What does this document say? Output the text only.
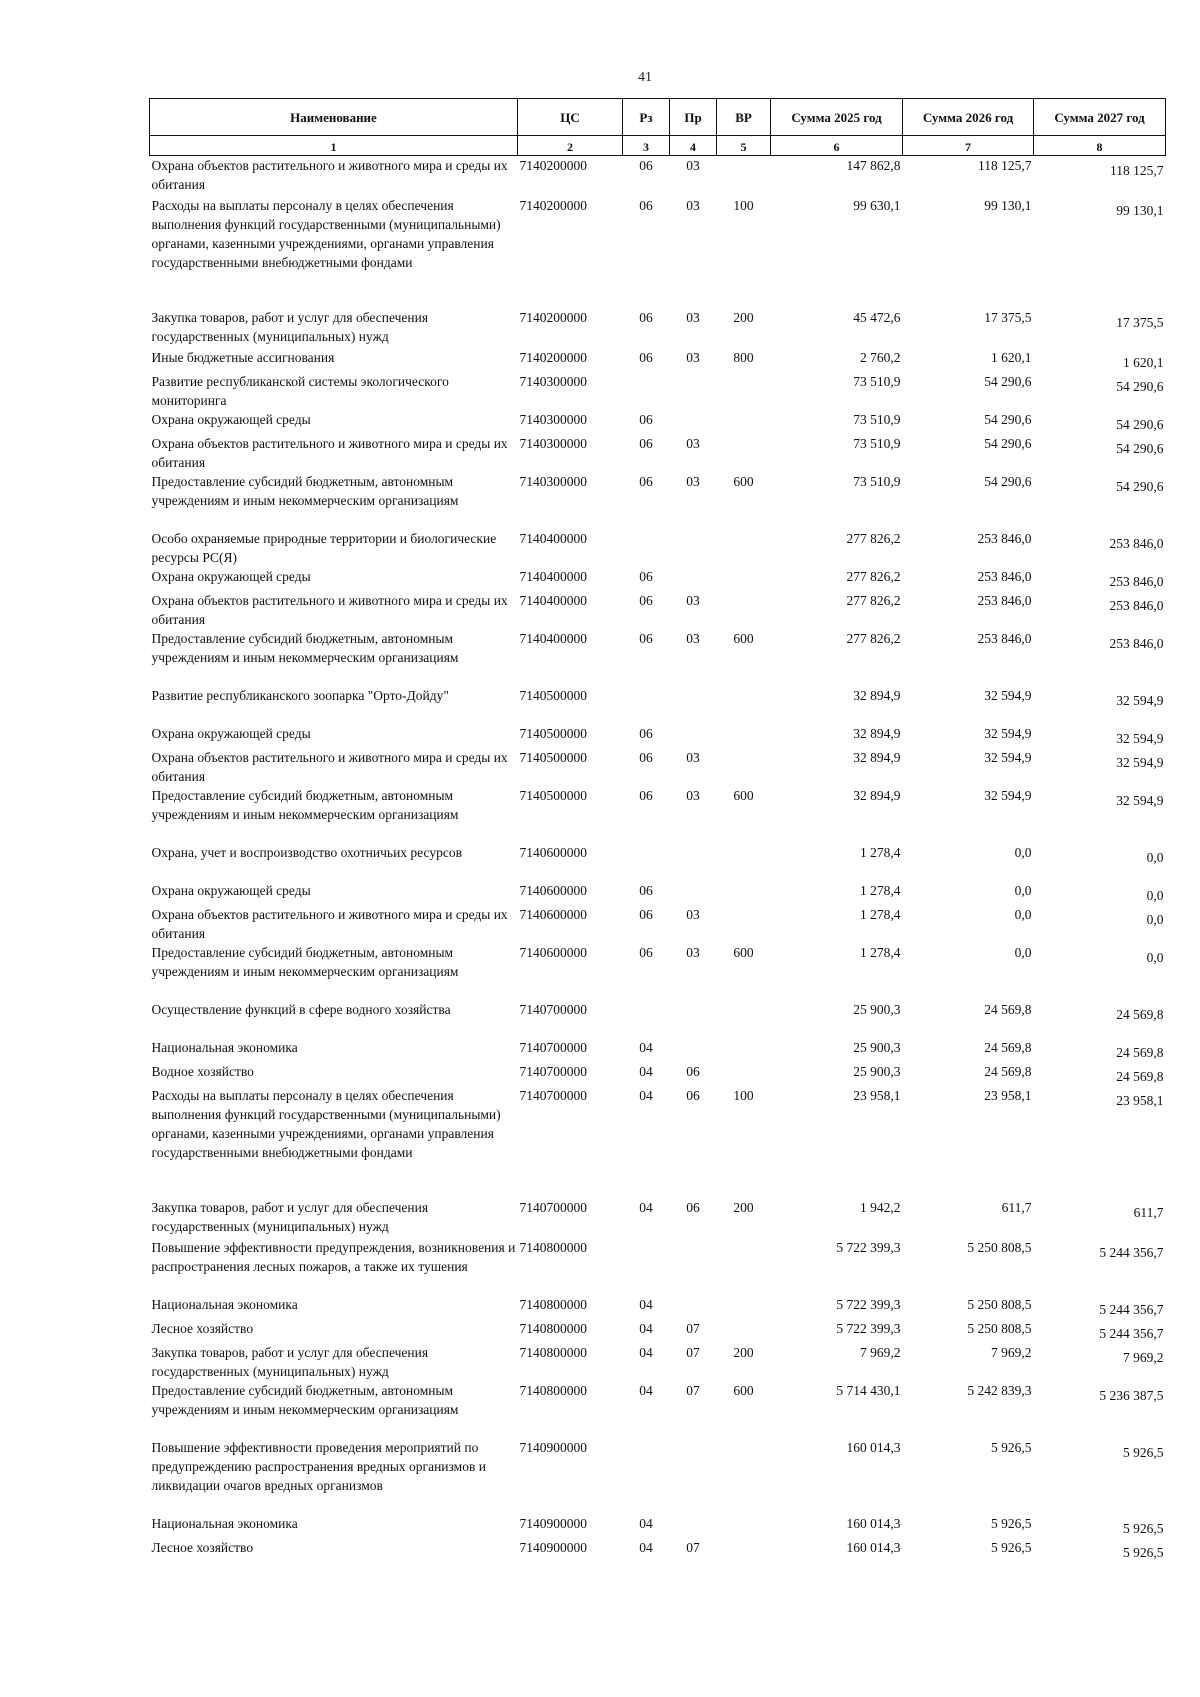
41
Наименование	ЦС	Рз	Пр	ВР	Сумма 2025 год	Сумма 2026 год	Сумма 2027 год
1	2	3	4	5	6	7	8
Охрана объектов растительного и животного мира и среды их обитания	7140200000	06	03		147 862,8	118 125,7	118 125,7
Расходы на выплаты персоналу в целях обеспечения выполнения функций государственными (муниципальными) органами, казенными учреждениями, органами управления государственными внебюджетными фондами	7140200000	06	03	100	99 630,1	99 130,1	99 130,1
Закупка товаров, работ и услуг для обеспечения государственных (муниципальных) нужд	7140200000	06	03	200	45 472,6	17 375,5	17 375,5
Иные бюджетные ассигнования	7140200000	06	03	800	2 760,2	1 620,1	1 620,1
Развитие республиканской системы экологического мониторинга	7140300000				73 510,9	54 290,6	54 290,6
Охрана окружающей среды	7140300000	06			73 510,9	54 290,6	54 290,6
Охрана объектов растительного и животного мира и среды их обитания	7140300000	06	03		73 510,9	54 290,6	54 290,6
Предоставление субсидий бюджетным, автономным учреждениям и иным некоммерческим организациям	7140300000	06	03	600	73 510,9	54 290,6	54 290,6
Особо охраняемые природные территории и биологические ресурсы РС(Я)	7140400000				277 826,2	253 846,0	253 846,0
Охрана окружающей среды	7140400000	06			277 826,2	253 846,0	253 846,0
Охрана объектов растительного и животного мира и среды их обитания	7140400000	06	03		277 826,2	253 846,0	253 846,0
Предоставление субсидий бюджетным, автономным учреждениям и иным некоммерческим организациям	7140400000	06	03	600	277 826,2	253 846,0	253 846,0
Развитие республиканского зоопарка "Орто-Дойду"	7140500000				32 894,9	32 594,9	32 594,9
Охрана окружающей среды	7140500000	06			32 894,9	32 594,9	32 594,9
Охрана объектов растительного и животного мира и среды их обитания	7140500000	06	03		32 894,9	32 594,9	32 594,9
Предоставление субсидий бюджетным, автономным учреждениям и иным некоммерческим организациям	7140500000	06	03	600	32 894,9	32 594,9	32 594,9
Охрана, учет и воспроизводство охотничьих ресурсов	7140600000				1 278,4	0,0	0,0
Охрана окружающей среды	7140600000	06			1 278,4	0,0	0,0
Охрана объектов растительного и животного мира и среды их обитания	7140600000	06	03		1 278,4	0,0	0,0
Предоставление субсидий бюджетным, автономным учреждениям и иным некоммерческим организациям	7140600000	06	03	600	1 278,4	0,0	0,0
Осуществление функций в сфере водного хозяйства	7140700000				25 900,3	24 569,8	24 569,8
Национальная экономика	7140700000	04			25 900,3	24 569,8	24 569,8
Водное хозяйство	7140700000	04	06		25 900,3	24 569,8	24 569,8
Расходы на выплаты персоналу в целях обеспечения выполнения функций государственными (муниципальными) органами, казенными учреждениями, органами управления государственными внебюджетными фондами	7140700000	04	06	100	23 958,1	23 958,1	23 958,1
Закупка товаров, работ и услуг для обеспечения государственных (муниципальных) нужд	7140700000	04	06	200	1 942,2	611,7	611,7
Повышение эффективности предупреждения, возникновения и распространения лесных пожаров, а также их тушения	7140800000				5 722 399,3	5 250 808,5	5 244 356,7
Национальная экономика	7140800000	04			5 722 399,3	5 250 808,5	5 244 356,7
Лесное хозяйство	7140800000	04	07		5 722 399,3	5 250 808,5	5 244 356,7
Закупка товаров, работ и услуг для обеспечения государственных (муниципальных) нужд	7140800000	04	07	200	7 969,2	7 969,2	7 969,2
Предоставление субсидий бюджетным, автономным учреждениям и иным некоммерческим организациям	7140800000	04	07	600	5 714 430,1	5 242 839,3	5 236 387,5
Повышение эффективности проведения мероприятий по предупреждению распространения вредных организмов и ликвидации очагов вредных организмов	7140900000				160 014,3	5 926,5	5 926,5
Национальная экономика	7140900000	04			160 014,3	5 926,5	5 926,5
Лесное хозяйство	7140900000	04	07		160 014,3	5 926,5	5 926,5
